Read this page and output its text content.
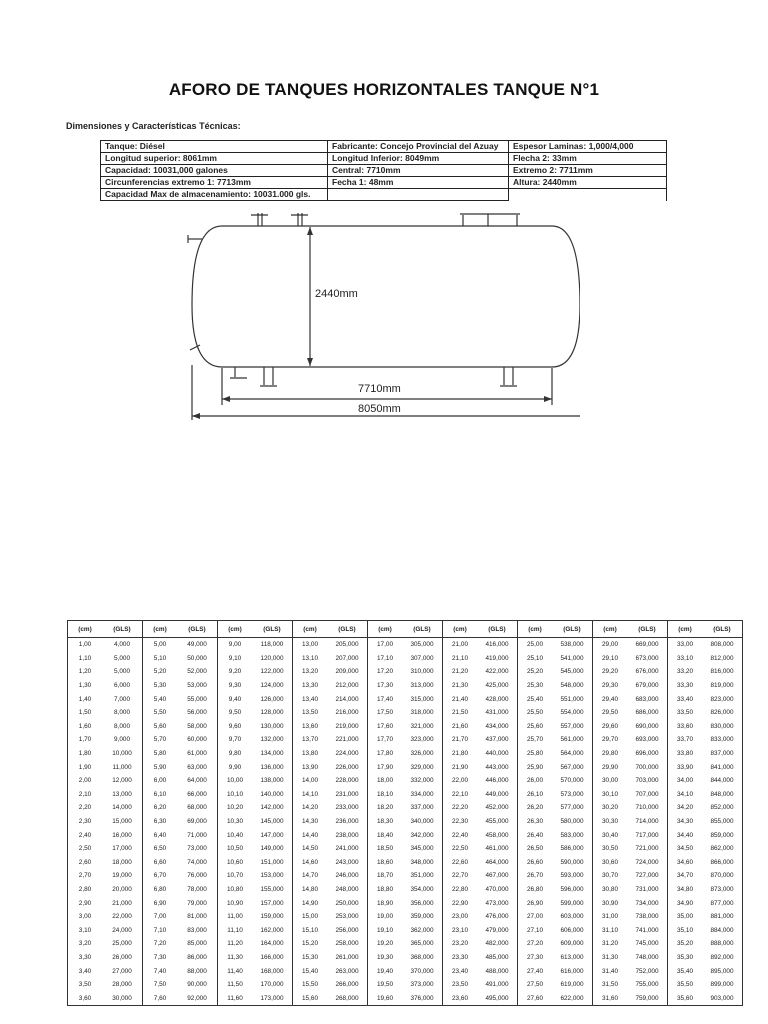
AFORO DE TANQUES HORIZONTALES TANQUE N°1
Dimensiones y Características Técnicas:
Tanque: Diésel	Fabricante: Concejo Provincial del Azuay	Espesor Laminas: 1,000/4,000
Longitud superior: 8061mm	Longitud Inferior: 8049mm	Flecha 2: 33mm
Capacidad: 10031,000 galones	Central: 7710mm	Extremo 2: 7711mm
Circunferencias extremo 1: 7713mm	Fecha 1: 48mm	Altura: 2440mm
Capacidad Max de almacenamiento: 10031.000 gls.		
2440mm
7710mm
8050mm
(cm)	(GLS)	(cm)	(GLS)	(cm)	(GLS)	(cm)	(GLS)	(cm)	(GLS)	(cm)	(GLS)	(cm)	(GLS)	(cm)	(GLS)	(cm)	(GLS)
1,00	4,000	5,00	49,000	9,00	118,000	13,00	205,000	17,00	305,000	21,00	416,000	25,00	538,000	29,00	669,000	33,00	808,000
1,10	5,000	5,10	50,000	9,10	120,000	13,10	207,000	17,10	307,000	21,10	419,000	25,10	541,000	29,10	673,000	33,10	812,000
1,20	5,000	5,20	52,000	9,20	122,000	13,20	209,000	17,20	310,000	21,20	422,000	25,20	545,000	29,20	676,000	33,20	816,000
1,30	6,000	5,30	53,000	9,30	124,000	13,30	212,000	17,30	313,000	21,30	425,000	25,30	548,000	29,30	679,000	33,30	819,000
1,40	7,000	5,40	55,000	9,40	126,000	13,40	214,000	17,40	315,000	21,40	428,000	25,40	551,000	29,40	683,000	33,40	823,000
1,50	8,000	5,50	56,000	9,50	128,000	13,50	216,000	17,50	318,000	21,50	431,000	25,50	554,000	29,50	686,000	33,50	826,000
1,60	8,000	5,60	58,000	9,60	130,000	13,60	219,000	17,60	321,000	21,60	434,000	25,60	557,000	29,60	690,000	33,60	830,000
1,70	9,000	5,70	60,000	9,70	132,000	13,70	221,000	17,70	323,000	21,70	437,000	25,70	561,000	29,70	693,000	33,70	833,000
1,80	10,000	5,80	61,000	9,80	134,000	13,80	224,000	17,80	326,000	21,80	440,000	25,80	564,000	29,80	696,000	33,80	837,000
1,90	11,000	5,90	63,000	9,90	136,000	13,90	226,000	17,90	329,000	21,90	443,000	25,90	567,000	29,90	700,000	33,90	841,000
2,00	12,000	6,00	64,000	10,00	138,000	14,00	228,000	18,00	332,000	22,00	446,000	26,00	570,000	30,00	703,000	34,00	844,000
2,10	13,000	6,10	66,000	10,10	140,000	14,10	231,000	18,10	334,000	22,10	449,000	26,10	573,000	30,10	707,000	34,10	848,000
2,20	14,000	6,20	68,000	10,20	142,000	14,20	233,000	18,20	337,000	22,20	452,000	26,20	577,000	30,20	710,000	34,20	852,000
2,30	15,000	6,30	69,000	10,30	145,000	14,30	236,000	18,30	340,000	22,30	455,000	26,30	580,000	30,30	714,000	34,30	855,000
2,40	16,000	6,40	71,000	10,40	147,000	14,40	238,000	18,40	342,000	22,40	458,000	26,40	583,000	30,40	717,000	34,40	859,000
2,50	17,000	6,50	73,000	10,50	149,000	14,50	241,000	18,50	345,000	22,50	461,000	26,50	586,000	30,50	721,000	34,50	862,000
2,60	18,000	6,60	74,000	10,60	151,000	14,60	243,000	18,60	348,000	22,60	464,000	26,60	590,000	30,60	724,000	34,60	866,000
2,70	19,000	6,70	76,000	10,70	153,000	14,70	246,000	18,70	351,000	22,70	467,000	26,70	593,000	30,70	727,000	34,70	870,000
2,80	20,000	6,80	78,000	10,80	155,000	14,80	248,000	18,80	354,000	22,80	470,000	26,80	596,000	30,80	731,000	34,80	873,000
2,90	21,000	6,90	79,000	10,90	157,000	14,90	250,000	18,90	356,000	22,90	473,000	26,90	599,000	30,90	734,000	34,90	877,000
3,00	22,000	7,00	81,000	11,00	159,000	15,00	253,000	19,00	359,000	23,00	476,000	27,00	603,000	31,00	738,000	35,00	881,000
3,10	24,000	7,10	83,000	11,10	162,000	15,10	256,000	19,10	362,000	23,10	479,000	27,10	606,000	31,10	741,000	35,10	884,000
3,20	25,000	7,20	85,000	11,20	164,000	15,20	258,000	19,20	365,000	23,20	482,000	27,20	609,000	31,20	745,000	35,20	888,000
3,30	26,000	7,30	86,000	11,30	166,000	15,30	261,000	19,30	368,000	23,30	485,000	27,30	613,000	31,30	748,000	35,30	892,000
3,40	27,000	7,40	88,000	11,40	168,000	15,40	263,000	19,40	370,000	23,40	488,000	27,40	616,000	31,40	752,000	35,40	895,000
3,50	28,000	7,50	90,000	11,50	170,000	15,50	266,000	19,50	373,000	23,50	491,000	27,50	619,000	31,50	755,000	35,50	899,000
3,60	30,000	7,60	92,000	11,60	173,000	15,60	268,000	19,60	376,000	23,60	495,000	27,60	622,000	31,60	759,000	35,60	903,000
